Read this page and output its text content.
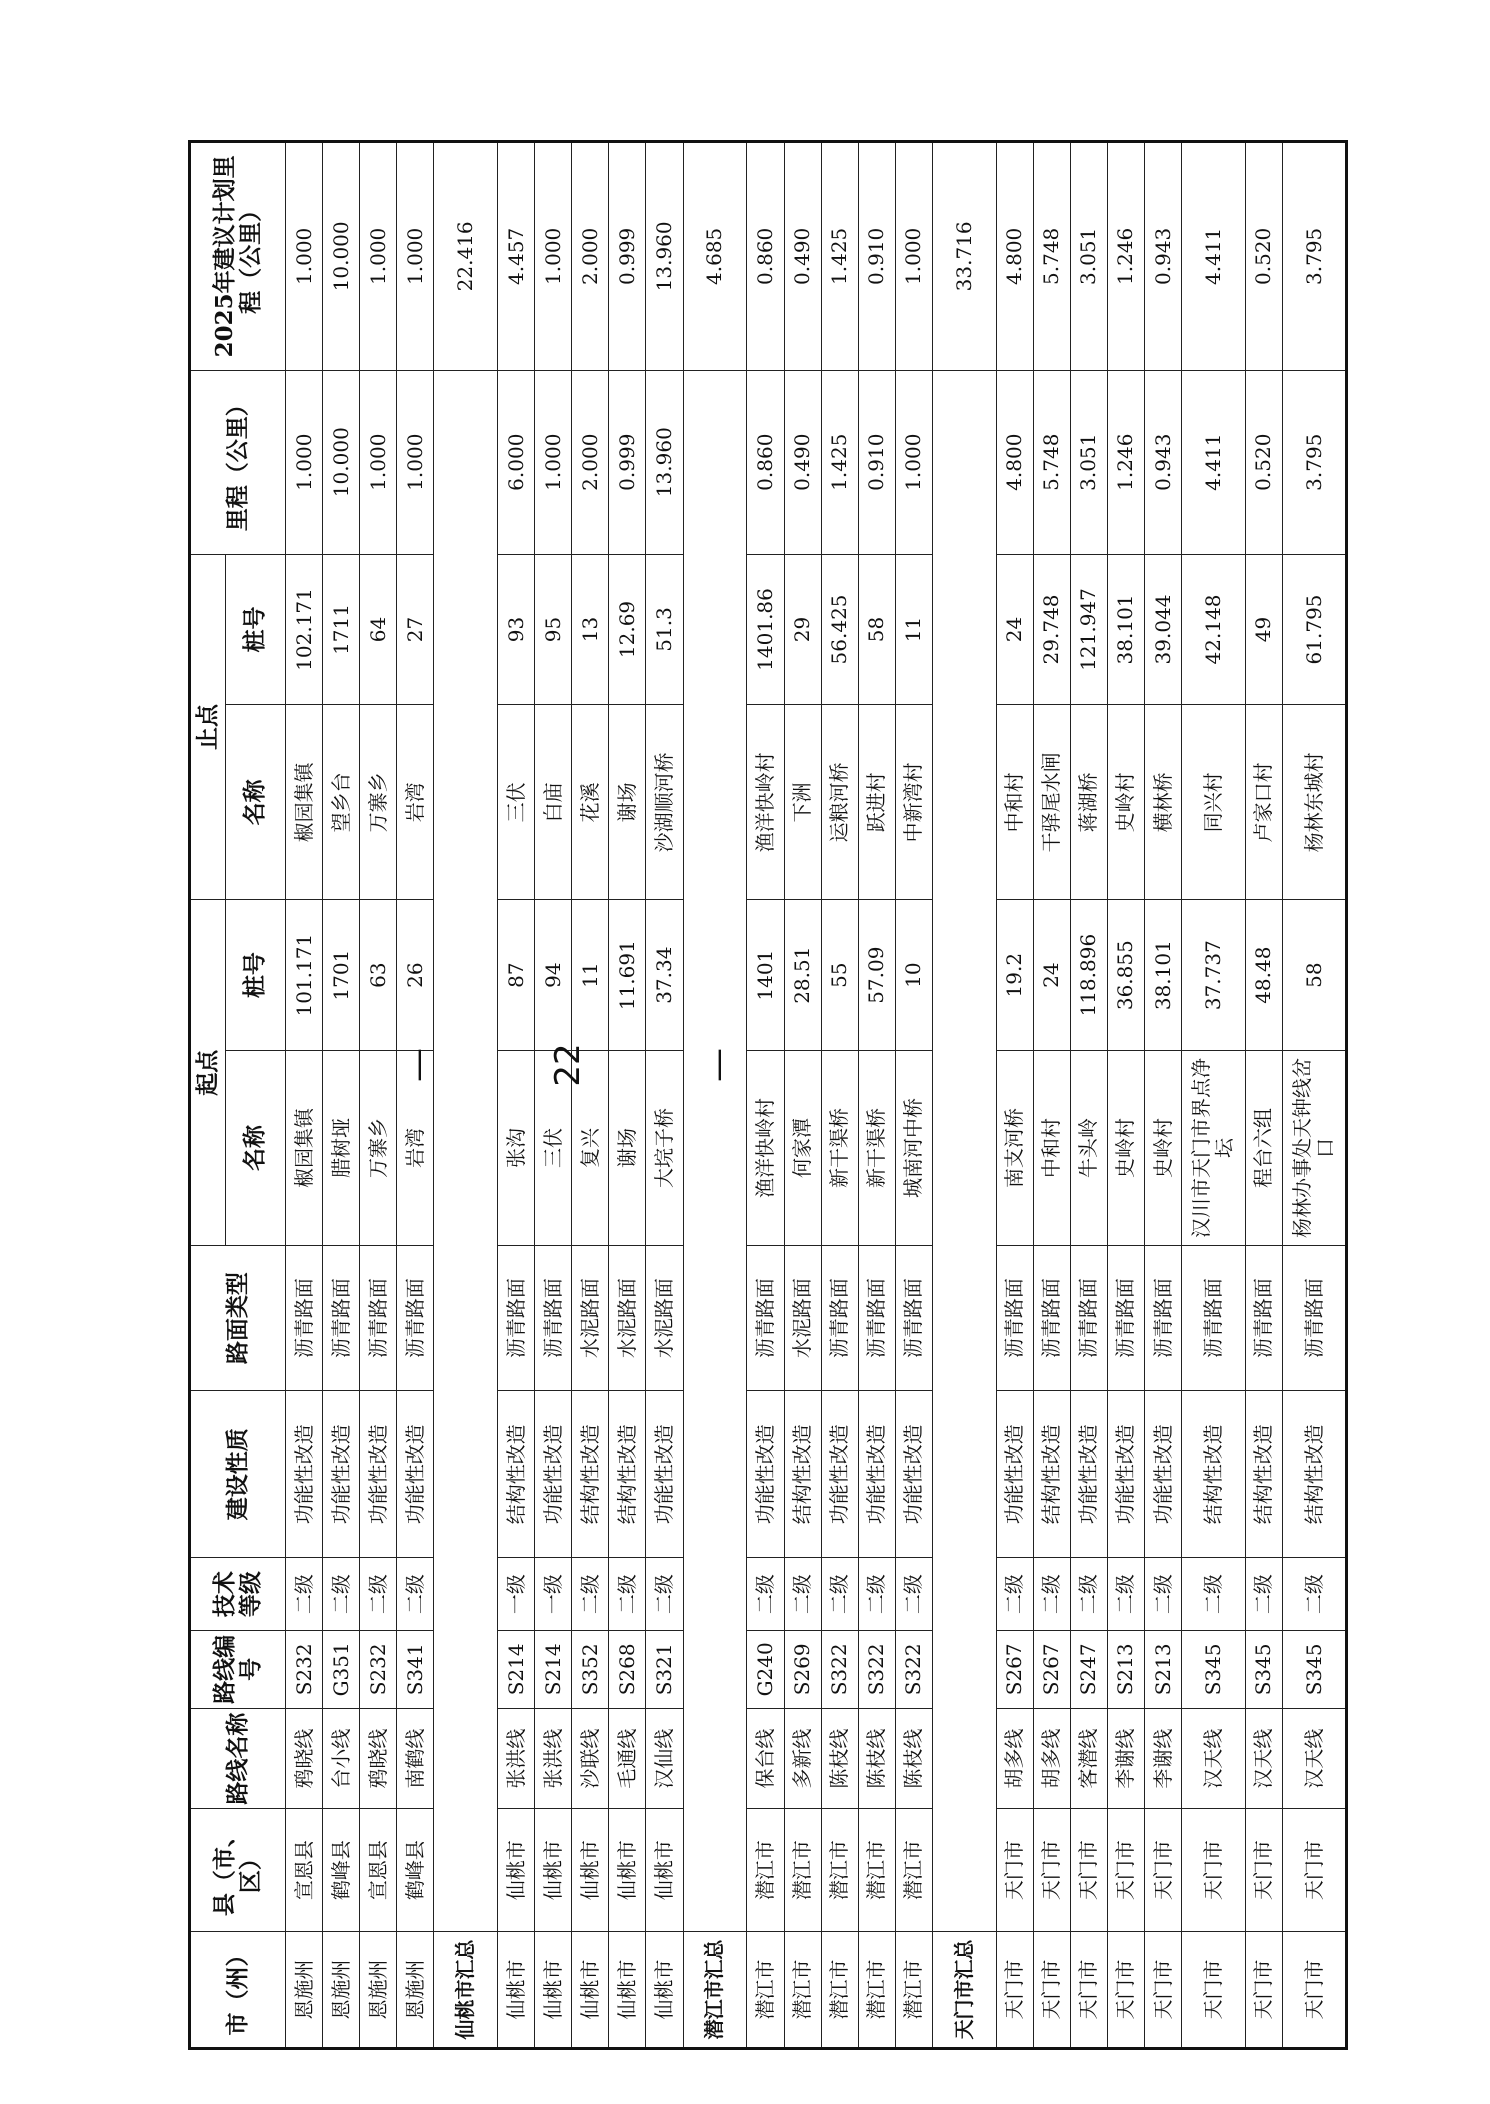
市（州）	县（市、区）	路线名称	路线编号	技术等级	建设性质	路面类型	起点		止点		里程（公里）	2025年建议计划里程（公里）
							名称	桩号	名称	桩号		
恩施州	宣恩县	鸦晓线	S232	二级	功能性改造	沥青路面	椒园集镇	101.171	椒园集镇	102.171	1.000	1.000
恩施州	鹤峰县	台小线	G351	二级	功能性改造	沥青路面	腊树垭	1701	望乡台	1711	10.000	10.000
恩施州	宣恩县	鸦晓线	S232	二级	功能性改造	沥青路面	万寨乡	63	万寨乡	64	1.000	1.000
恩施州	鹤峰县	南鹤线	S341	二级	功能性改造	沥青路面	岩湾	26	岩湾	27	1.000	1.000
仙桃市汇总												22.416
仙桃市	仙桃市	张洪线	S214	一级	结构性改造	沥青路面	张沟	87	三伏	93	6.000	4.457
仙桃市	仙桃市	张洪线	S214	一级	功能性改造	沥青路面	三伏	94	白庙	95	1.000	1.000
仙桃市	仙桃市	沙联线	S352	二级	结构性改造	水泥路面	复兴	11	花溪	13	2.000	2.000
仙桃市	仙桃市	毛通线	S268	二级	结构性改造	水泥路面	谢场	11.691	谢场	12.69	0.999	0.999
仙桃市	仙桃市	汉仙线	S321	二级	功能性改造	水泥路面	大垸子桥	37.34	沙湖顺河桥	51.3	13.960	13.960
潜江市汇总												4.685
潜江市	潜江市	保台线	G240	二级	功能性改造	沥青路面	渔洋快岭村	1401	渔洋快岭村	1401.86	0.860	0.860
潜江市	潜江市	多新线	S269	二级	结构性改造	水泥路面	何家潭	28.51	下洲	29	0.490	0.490
潜江市	潜江市	陈枝线	S322	二级	功能性改造	沥青路面	新干渠桥	55	运粮河桥	56.425	1.425	1.425
潜江市	潜江市	陈枝线	S322	二级	功能性改造	沥青路面	新干渠桥	57.09	跃进村	58	0.910	0.910
潜江市	潜江市	陈枝线	S322	二级	功能性改造	沥青路面	城南河中桥	10	中新湾村	11	1.000	1.000
天门市汇总												33.716
天门市	天门市	胡多线	S267	二级	功能性改造	沥青路面	南支河桥	19.2	中和村	24	4.800	4.800
天门市	天门市	胡多线	S267	二级	结构性改造	沥青路面	中和村	24	干驿尾水闸	29.748	5.748	5.748
天门市	天门市	客潜线	S247	二级	功能性改造	沥青路面	牛头岭	118.896	蒋湖桥	121.947	3.051	3.051
天门市	天门市	李谢线	S213	二级	功能性改造	沥青路面	史岭村	36.855	史岭村	38.101	1.246	1.246
天门市	天门市	李谢线	S213	二级	功能性改造	沥青路面	史岭村	38.101	横林桥	39.044	0.943	0.943
天门市	天门市	汉天线	S345	二级	结构性改造	沥青路面	汉川市天门市界点净坛	37.737	同兴村	42.148	4.411	4.411
天门市	天门市	汉天线	S345	二级	结构性改造	沥青路面	程台六组	48.48	卢家口村	49	0.520	0.520
天门市	天门市	汉天线	S345	二级	结构性改造	沥青路面	杨林办事处天钟线岔口	58	杨林东城村	61.795	3.795	3.795
— 22 —
